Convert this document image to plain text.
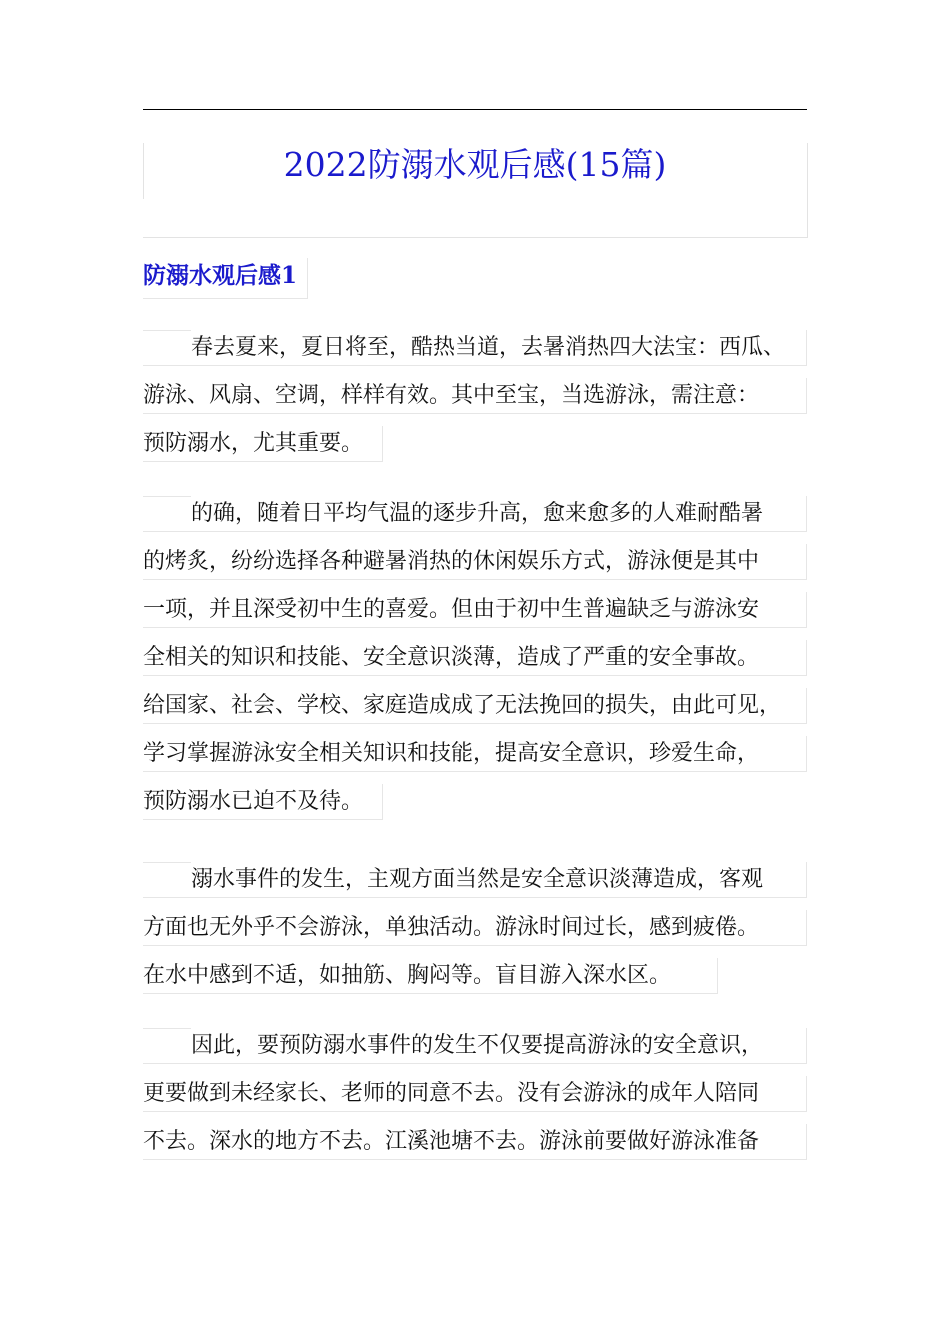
2022防溺水观后感(15篇)
防溺水观后感1
春去夏来，夏日将至，酷热当道，去暑消热四大法宝：西瓜、
游泳、风扇、空调，样样有效。其中至宝，当选游泳，需注意：
预防溺水，尤其重要。
的确，随着日平均气温的逐步升高，愈来愈多的人难耐酷暑
的烤炙，纷纷选择各种避暑消热的休闲娱乐方式，游泳便是其中
一项，并且深受初中生的喜爱。但由于初中生普遍缺乏与游泳安
全相关的知识和技能、安全意识淡薄，造成了严重的安全事故。
给国家、社会、学校、家庭造成成了无法挽回的损失，由此可见，
学习掌握游泳安全相关知识和技能，提高安全意识，珍爱生命，
预防溺水已迫不及待。
溺水事件的发生，主观方面当然是安全意识淡薄造成，客观
方面也无外乎不会游泳，单独活动。游泳时间过长，感到疲倦。
在水中感到不适，如抽筋、胸闷等。盲目游入深水区。
因此，要预防溺水事件的发生不仅要提高游泳的安全意识，
更要做到未经家长、老师的同意不去。没有会游泳的成年人陪同
不去。深水的地方不去。江溪池塘不去。游泳前要做好游泳准备
